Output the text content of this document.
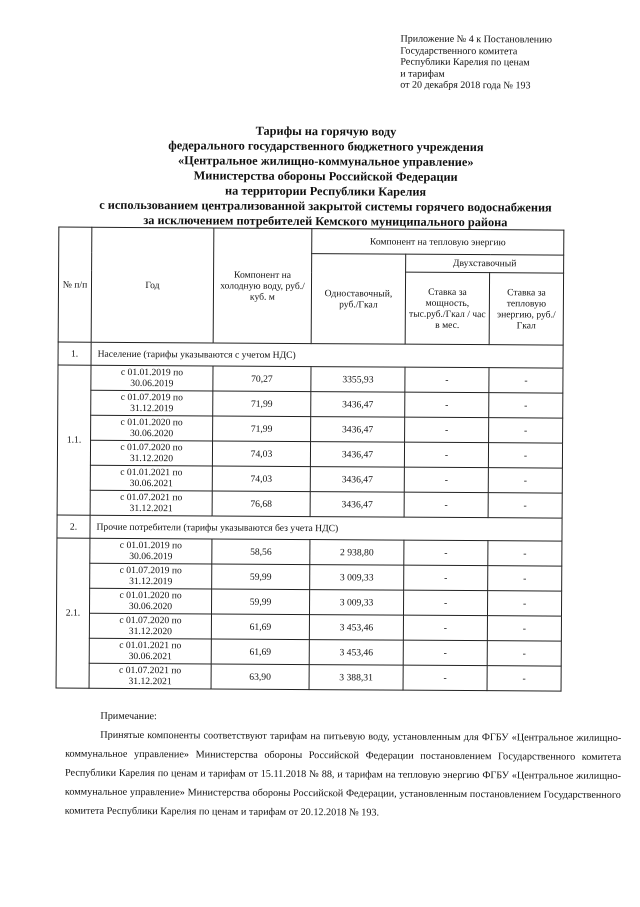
Приложение № 4 к Постановлению
Государственного комитета
Республики Карелия по ценам
и тарифам
от 20 декабря 2018 года № 193
Тарифы на горячую воду
федерального государственного бюджетного учреждения
«Центральное жилищно-коммунальное управление»
Министерства обороны Российской Федерации
на территории Республики Карелия
с использованием централизованной закрытой системы горячего водоснабжения
за исключением потребителей Кемского муниципального района
№ п/п	Год	Компонент на холодную воду, руб./куб. м	Компонент на тепловую энергию		
			Одноставочный, руб./Гкал	Двухставочный	
				Ставка за мощность, тыс.руб./Гкал / час в мес.	Ставка за тепловую энергию, руб./Гкал
1.	Население (тарифы указываются с учетом НДС)				
1.1.	с 01.01.2019 по
30.06.2019	70,27	3355,93	-	-

	с 01.07.2019 по
31.12.2019	71,99	3436,47	-	-

	с 01.01.2020 по
30.06.2020	71,99	3436,47	-	-

	с 01.07.2020 по
31.12.2020	74,03	3436,47	-	-

	с 01.01.2021 по
30.06.2021	74,03	3436,47	-	-

	с 01.07.2021 по
31.12.2021	76,68	3436,47	-	-
2.	Прочие потребители (тарифы указываются без учета НДС)				
2.1.	с 01.01.2019 по
30.06.2019	58,56	2 938,80	-	-

	с 01.07.2019 по
31.12.2019	59,99	3 009,33	-	-

	с 01.01.2020 по
30.06.2020	59,99	3 009,33	-	-

	с 01.07.2020 по
31.12.2020	61,69	3 453,46	-	-

	с 01.01.2021 по
30.06.2021	61,69	3 453,46	-	-

	с 01.07.2021 по
31.12.2021	63,90	3 388,31	-	-

Примечание:

Принятые компоненты соответствуют тарифам на питьевую воду, установленным для ФГБУ «Центральное жилищно-коммунальное управление» Министерства обороны Российской Федерации постановлением Государственного комитета Республики Карелия по ценам и тарифам от 15.11.2018 № 88, и тарифам на тепловую энергию ФГБУ «Центральное жилищно-коммунальное управление» Министерства обороны Российской Федерации, установленным постановлением Государственного комитета Республики Карелия по ценам и тарифам от 20.12.2018 № 193.
